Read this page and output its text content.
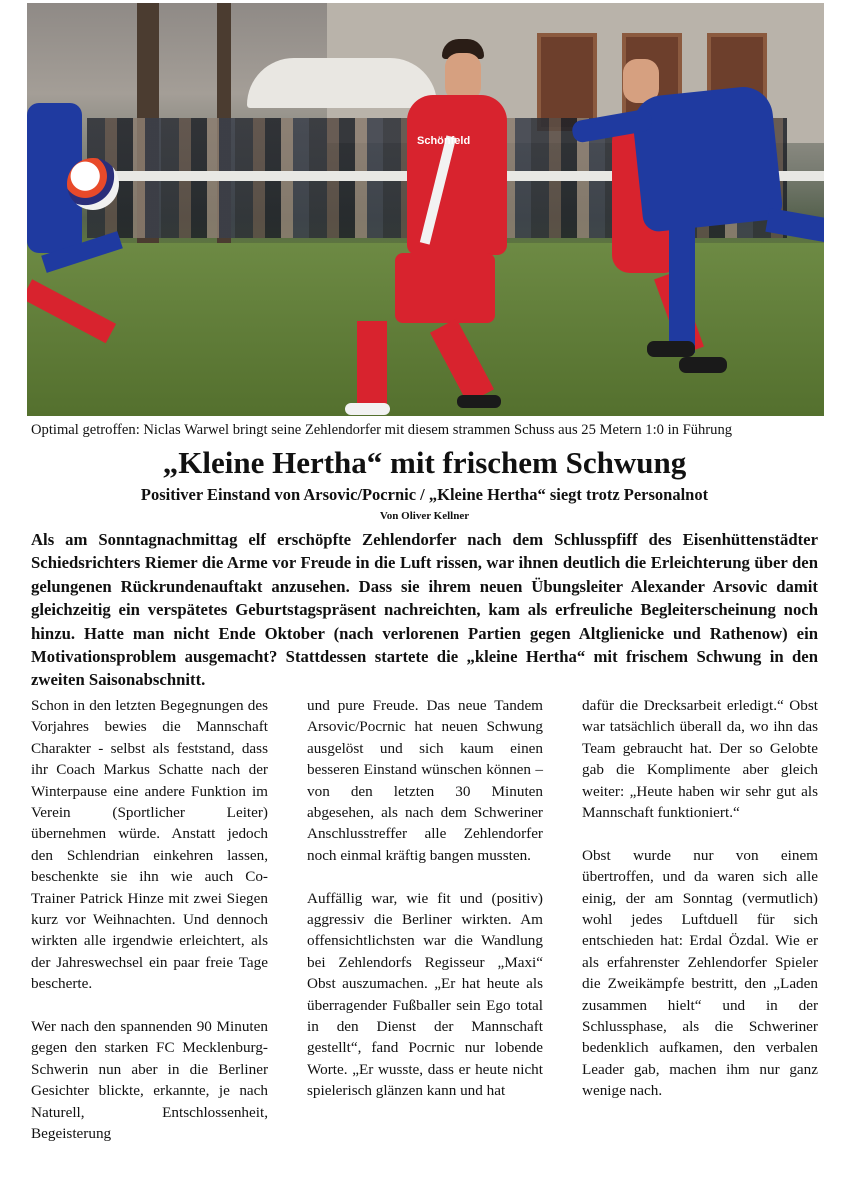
Schönfeld
Optimal getroffen: Niclas Warwel bringt seine Zehlendorfer mit diesem strammen Schuss aus 25 Metern 1:0 in Führung
„Kleine Hertha“ mit frischem Schwung
Positiver Einstand von Arsovic/Pocrnic / „Kleine Hertha“ siegt trotz Personalnot
Von Oliver Kellner
Als am Sonntagnachmittag elf erschöpfte Zehlendorfer nach dem Schlusspfiff des Eisenhüttenstädter Schiedsrichters Riemer die Arme vor Freude in die Luft rissen, war ihnen deutlich die Erleichterung über den gelungenen Rückrundenauftakt anzusehen. Dass sie ihrem neuen Übungsleiter Alexander Arsovic damit gleichzeitig ein verspätetes Geburtstagspräsent nachreichten, kam als erfreuliche Begleiterscheinung noch hinzu. Hatte man nicht Ende Oktober (nach verlorenen Partien gegen Altglienicke und Rathenow) ein Motivationsproblem ausgemacht? Stattdessen startete die „kleine Hertha“ mit frischem Schwung in den zweiten Saisonabschnitt.

Schon in den letzten Begegnungen des Vorjahres bewies die Mannschaft Charakter - selbst als feststand, dass ihr Coach Markus Schatte nach der Winterpause eine andere Funktion im Verein (Sportlicher Leiter) übernehmen würde. Anstatt jedoch den Schlendrian einkehren lassen, beschenkte sie ihn wie auch Co-Trainer Patrick Hinze mit zwei Siegen kurz vor Weihnachten. Und dennoch wirkten alle irgendwie erleichtert, als der Jahreswechsel ein paar freie Tage bescherte.

Wer nach den spannenden 90 Minuten gegen den starken FC Mecklenburg-Schwerin nun aber in die Berliner Gesichter blickte, erkannte, je nach Naturell, Entschlossenheit, Begeisterung

und pure Freude. Das neue Tandem Arsovic/Pocrnic hat neuen Schwung ausgelöst und sich kaum einen besseren Einstand wünschen können – von den letzten 30 Minuten abgesehen, als nach dem Schweriner Anschlusstreffer alle Zehlendorfer noch einmal kräftig bangen mussten.

Auffällig war, wie fit und (positiv) aggressiv die Berliner wirkten. Am offensichtlichsten war die Wandlung bei Zehlendorfs Regisseur „Maxi“ Obst auszumachen. „Er hat heute als überragender Fußballer sein Ego total in den Dienst der Mannschaft gestellt“, fand Pocrnic nur lobende Worte. „Er wusste, dass er heute nicht spielerisch glänzen kann und hat

dafür die Drecksarbeit erledigt.“ Obst war tatsächlich überall da, wo ihn das Team gebraucht hat. Der so Gelobte gab die Komplimente aber gleich weiter: „Heute haben wir sehr gut als Mannschaft funktioniert.“

Obst wurde nur von einem übertroffen, und da waren sich alle einig, der am Sonntag (vermutlich) wohl jedes Luftduell für sich entschieden hat: Erdal Özdal. Wie er als erfahrenster Zehlendorfer Spieler die Zweikämpfe bestritt, den „Laden zusammen hielt“ und in der Schlussphase, als die Schweriner bedenklich aufkamen, den verbalen Leader gab, machen ihm nur ganz wenige nach.
